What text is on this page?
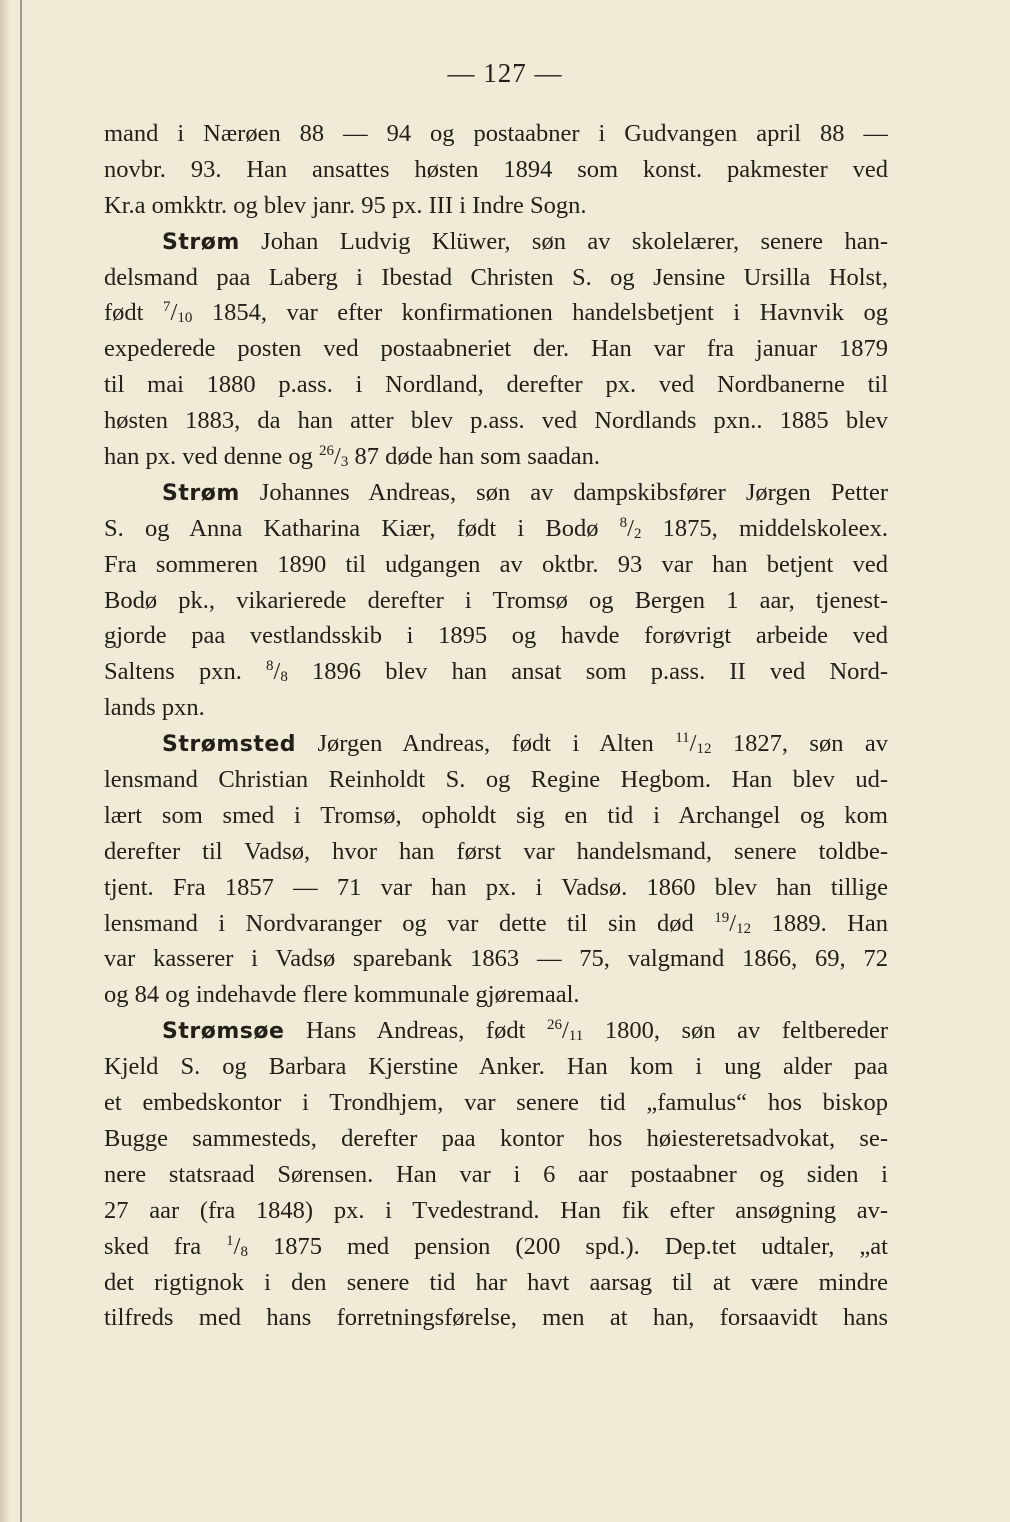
— 127 —
mand i Nærøen 88 — 94 og postaabner i Gudvangen april 88 —
novbr. 93. Han ansattes høsten 1894 som konst. pakmester ved
Kr.a omkktr. og blev janr. 95 px. III i Indre Sogn.
Strøm Johan Ludvig Klüwer, søn av skolelærer, senere han-
delsmand paa Laberg i Ibestad Christen S. og Jensine Ursilla Holst,
født $^7/_{10}$ 1854, var efter konfirmationen handelsbetjent i Havnvik og
expederede posten ved postaabneriet der. Han var fra januar 1879
til mai 1880 p.ass. i Nordland, derefter px. ved Nordbanerne til
høsten 1883, da han atter blev p.ass. ved Nordlands pxn.. 1885 blev
han px. ved denne og $^{26}/_3$ 87 døde han som saadan.
Strøm Johannes Andreas, søn av dampskibsfører Jørgen Petter
S. og Anna Katharina Kiær, født i Bodø $^8/_2$ 1875, middelskoleex.
Fra sommeren 1890 til udgangen av oktbr. 93 var han betjent ved
Bodø pk., vikarierede derefter i Tromsø og Bergen 1 aar, tjenest-
gjorde paa vestlandsskib i 1895 og havde forøvrigt arbeide ved
Saltens pxn. $^8/_8$ 1896 blev han ansat som p.ass. II ved Nord-
lands pxn.
Strømsted Jørgen Andreas, født i Alten $^{11}/_{12}$ 1827, søn av
lensmand Christian Reinholdt S. og Regine Hegbom. Han blev ud-
lært som smed i Tromsø, opholdt sig en tid i Archangel og kom
derefter til Vadsø, hvor han først var handelsmand, senere toldbe-
tjent. Fra 1857 — 71 var han px. i Vadsø. 1860 blev han tillige
lensmand i Nordvaranger og var dette til sin død $^{19}/_{12}$ 1889. Han
var kasserer i Vadsø sparebank 1863 — 75, valgmand 1866, 69, 72
og 84 og indehavde flere kommunale gjøremaal.
Strømsøe Hans Andreas, født $^{26}/_{11}$ 1800, søn av feltbereder
Kjeld S. og Barbara Kjerstine Anker. Han kom i ung alder paa
et embedskontor i Trondhjem, var senere tid „famulus“ hos biskop
Bugge sammesteds, derefter paa kontor hos høiesteretsadvokat, se-
nere statsraad Sørensen. Han var i 6 aar postaabner og siden i
27 aar (fra 1848) px. i Tvedestrand. Han fik efter ansøgning av-
sked fra $^1/_8$ 1875 med pension (200 spd.). Dep.tet udtaler, „at
det rigtignok i den senere tid har havt aarsag til at være mindre
tilfreds med hans forretningsførelse, men at han, forsaavidt hans
